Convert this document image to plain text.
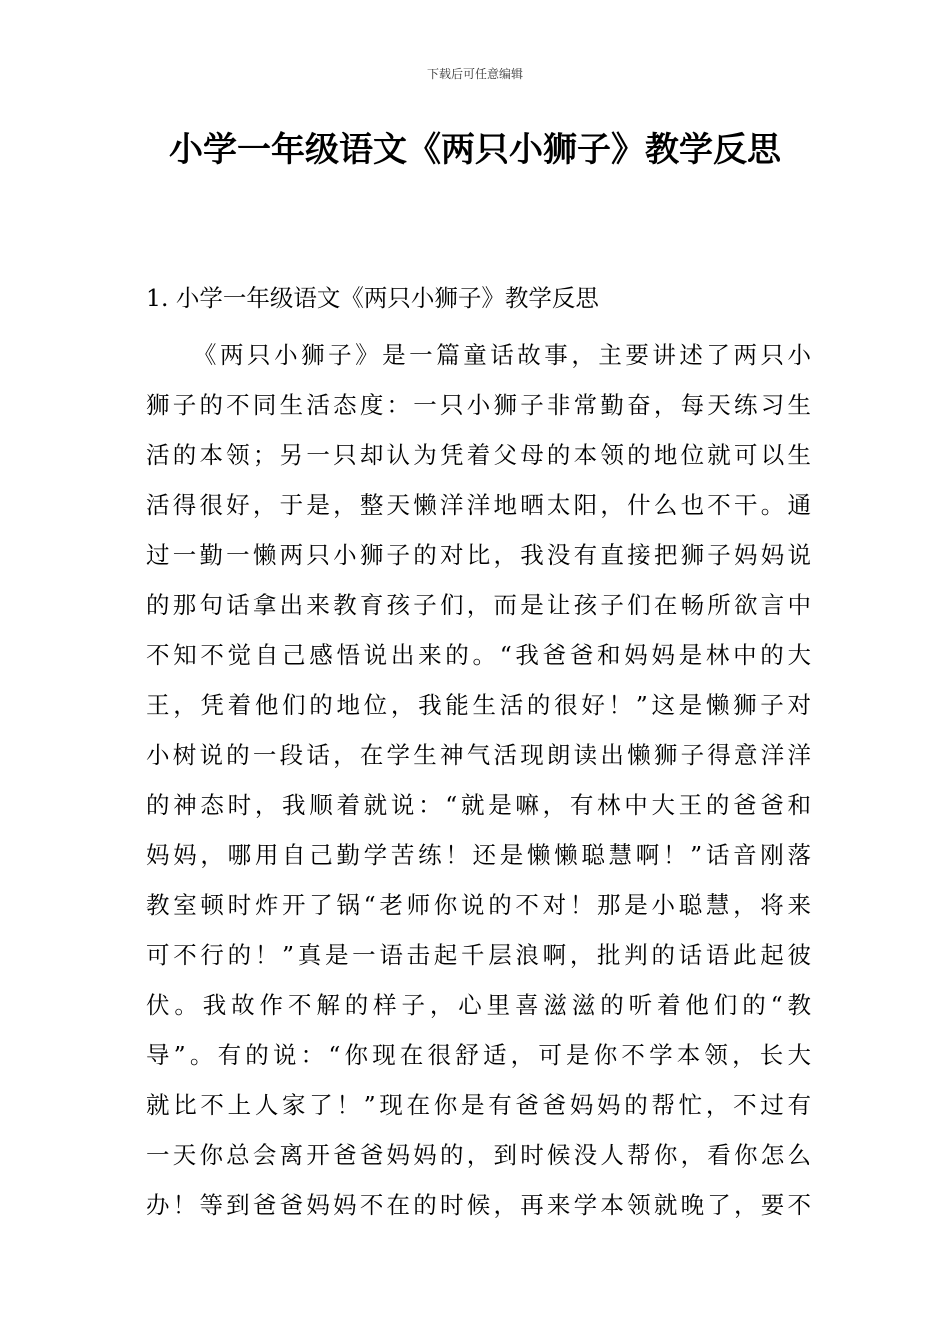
下载后可任意编辑
小学一年级语文《两只小狮子》教学反思
1. 小学一年级语文《两只小狮子》教学反思
《两只小狮子》是一篇童话故事，主要讲述了两只小
狮子的不同生活态度：一只小狮子非常勤奋，每天练习生
活的本领；另一只却认为凭着父母的本领的地位就可以生
活得很好，于是，整天懒洋洋地晒太阳，什么也不干。通
过一勤一懒两只小狮子的对比，我没有直接把狮子妈妈说
的那句话拿出来教育孩子们，而是让孩子们在畅所欲言中
不知不觉自己感悟说出来的。“我爸爸和妈妈是林中的大
王，凭着他们的地位，我能生活的很好！”这是懒狮子对
小树说的一段话，在学生神气活现朗读出懒狮子得意洋洋
的神态时，我顺着就说：“就是嘛，有林中大王的爸爸和
妈妈，哪用自己勤学苦练！还是懒懒聪慧啊！”话音刚落
教室顿时炸开了锅“老师你说的不对！那是小聪慧，将来
可不行的！”真是一语击起千层浪啊，批判的话语此起彼
伏。我故作不解的样子，心里喜滋滋的听着他们的“教
导”。有的说：“你现在很舒适，可是你不学本领，长大
就比不上人家了！”现在你是有爸爸妈妈的帮忙，不过有
一天你总会离开爸爸妈妈的，到时候没人帮你，看你怎么
办！等到爸爸妈妈不在的时候，再来学本领就晚了，要不
